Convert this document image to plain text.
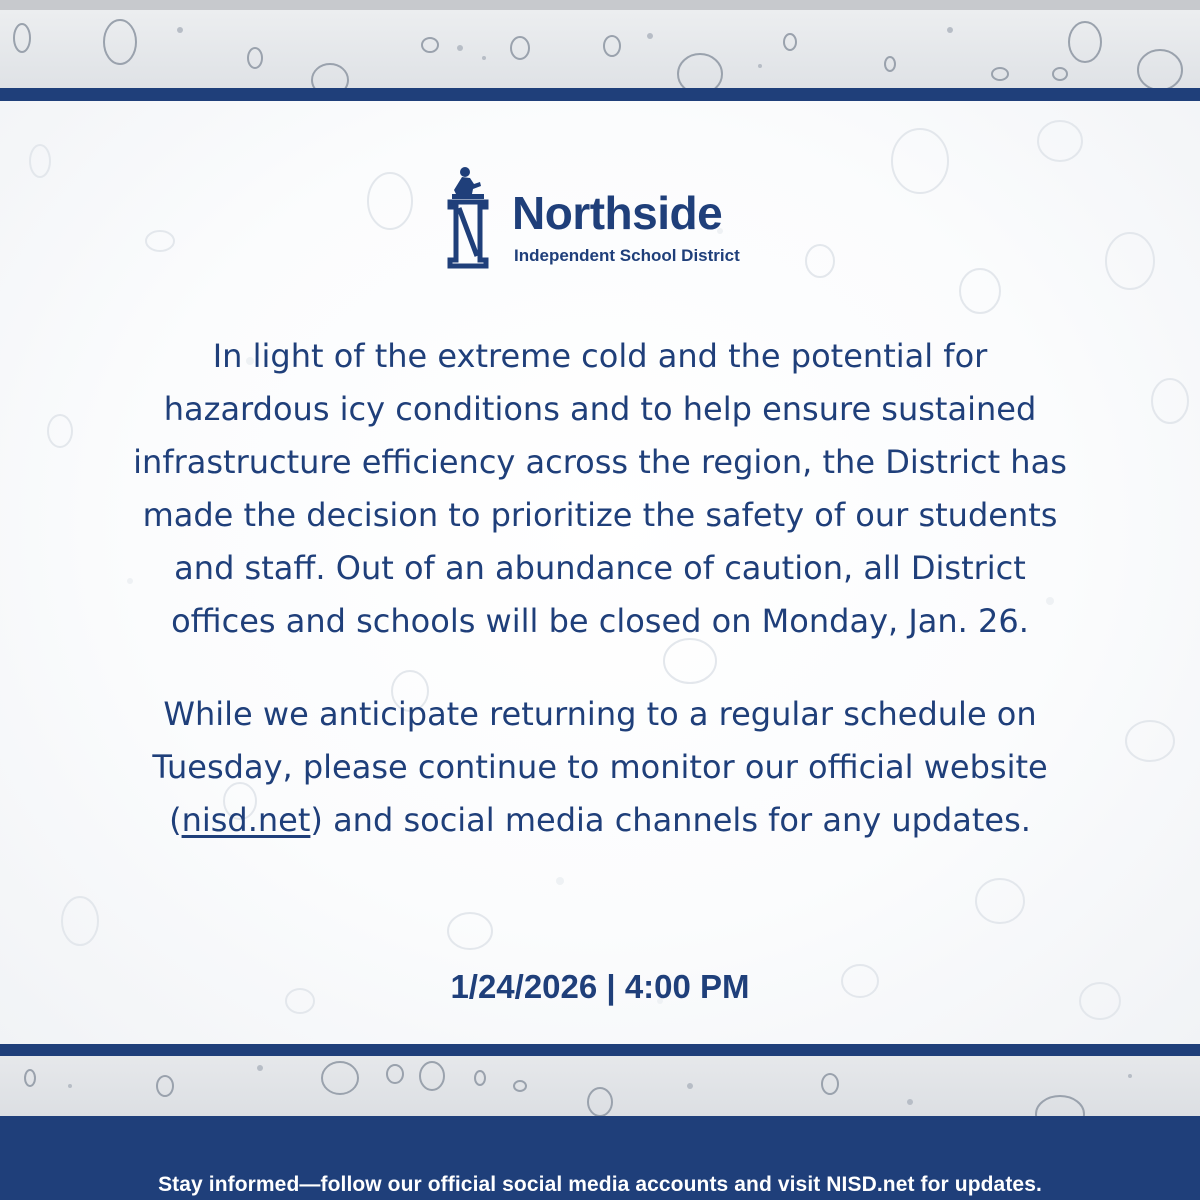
Northside
Independent School District

In light of the extreme cold and the potential for
hazardous icy conditions and to help ensure sustained
infrastructure efficiency across the region, the District has
made the decision to prioritize the safety of our students
and staff. Out of an abundance of caution, all District
offices and schools will be closed on Monday, Jan. 26.

While we anticipate returning to a regular schedule on
Tuesday, please continue to monitor our official website
(nisd.net) and social media channels for any updates.

1/24/2026 | 4:00 PM
Stay informed—follow our official social media accounts and visit NISD.net for updates.
